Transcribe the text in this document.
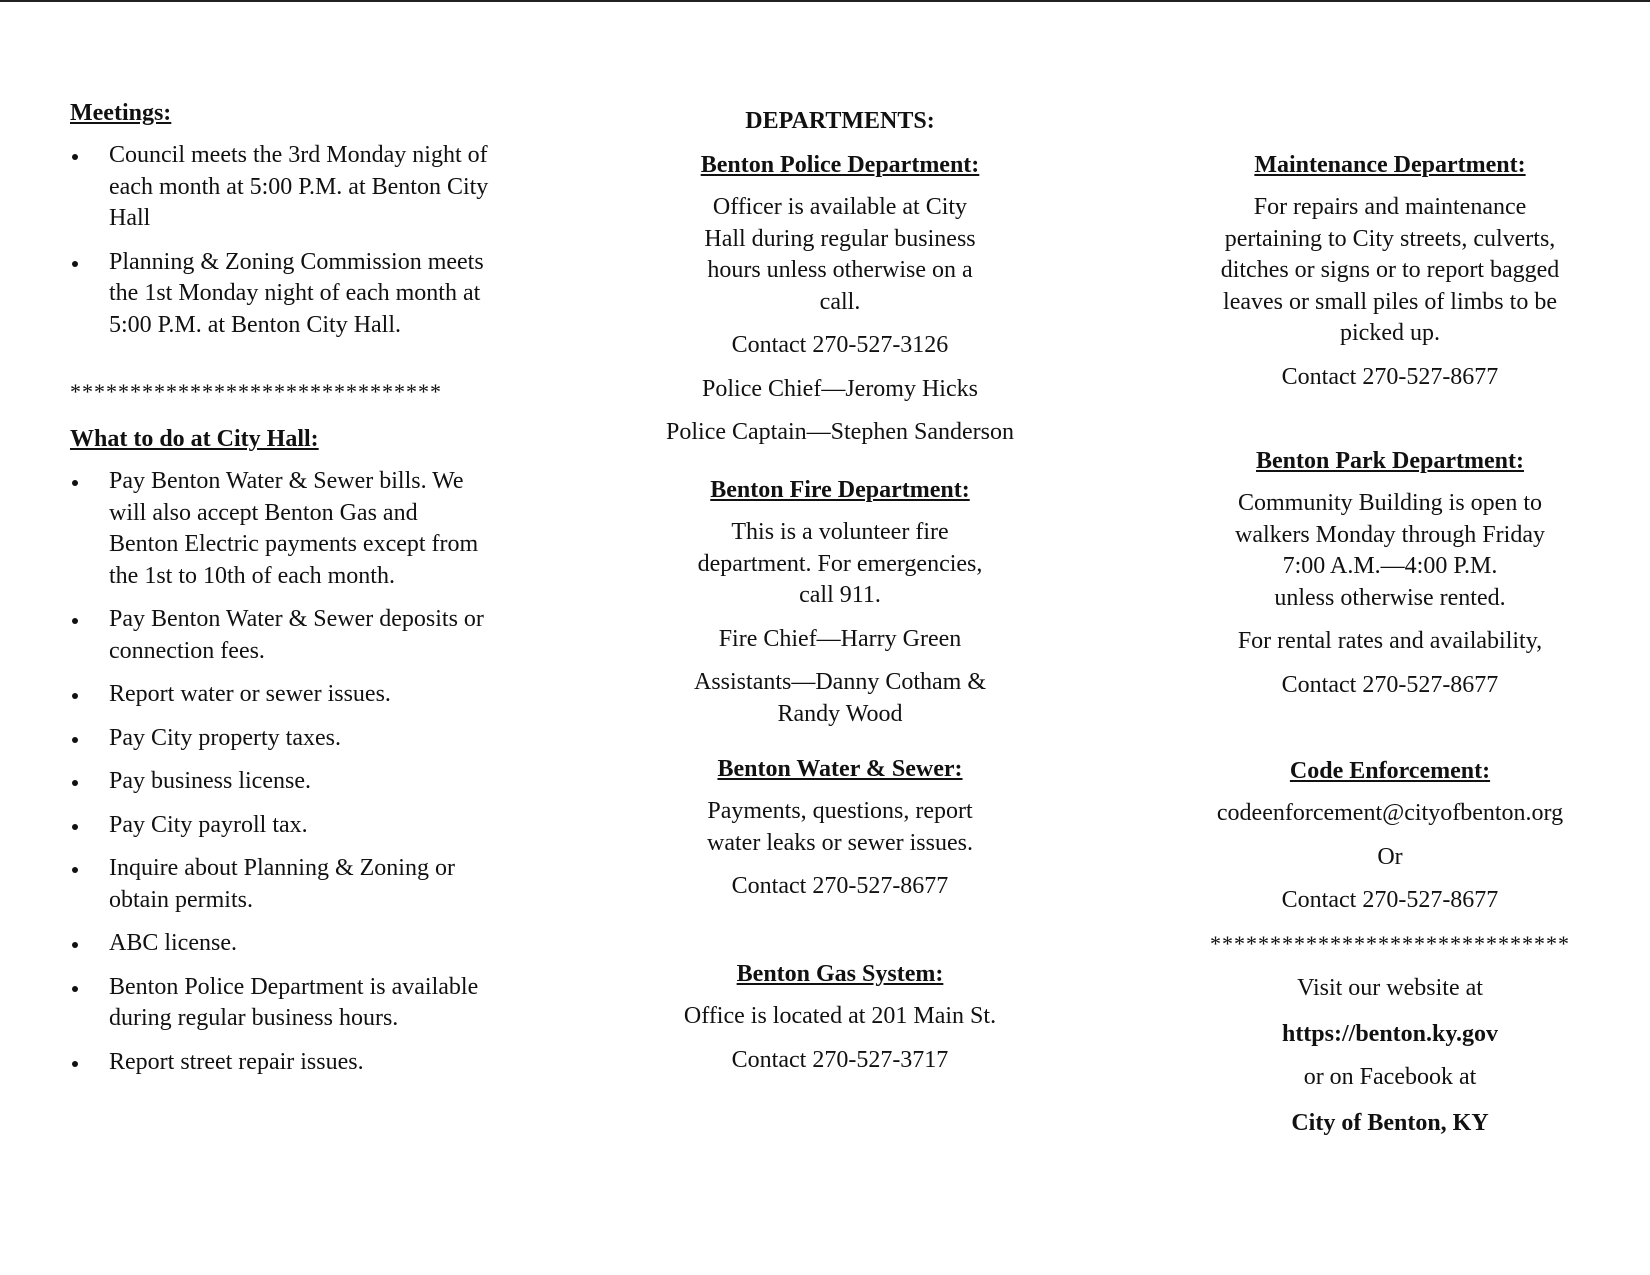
Meetings:

Council meets the 3rd Monday night of each month at 5:00 P.M. at Benton City Hall
Planning & Zoning Commission meets the 1st Monday night of each month at 5:00 P.M. at Benton City Hall.
*******************************

What to do at City Hall:

Pay Benton Water & Sewer bills. We will also accept Benton Gas and Benton Electric payments except from the 1st to 10th of each month.
Pay Benton Water & Sewer deposits or connection fees.
Report water or sewer issues.
Pay City property taxes.
Pay business license.
Pay City payroll tax.
Inquire about Planning & Zoning or obtain permits.
ABC license.
Benton Police Department is available during regular business hours.
Report street repair issues.
DEPARTMENTS:

Benton Police Department:

Officer is available at City Hall during regular business hours unless otherwise on a call.

Contact 270-527-3126

Police Chief—Jeromy Hicks

Police Captain—Stephen Sanderson

Benton Fire Department:

This is a volunteer fire department. For emergencies, call 911.

Fire Chief—Harry Green

Assistants—Danny Cotham & Randy Wood

Benton Water & Sewer:

Payments, questions, report water leaks or sewer issues.

Contact 270-527-8677

Benton Gas System:

Office is located at 201 Main St.

Contact 270-527-3717

Maintenance Department:

For repairs and maintenance pertaining to City streets, culverts, ditches or signs or to report bagged leaves or small piles of limbs to be picked up.

Contact 270-527-8677

Benton Park Department:

Community Building is open to walkers Monday through Friday

7:00 A.M.—4:00 P.M.

unless otherwise rented.

For rental rates and availability,

Contact 270-527-8677

Code Enforcement:

codeenforcement@cityofbenton.org

Or

Contact 270-527-8677

******************************

Visit our website at

https://benton.ky.gov

or on Facebook at

City of Benton, KY
